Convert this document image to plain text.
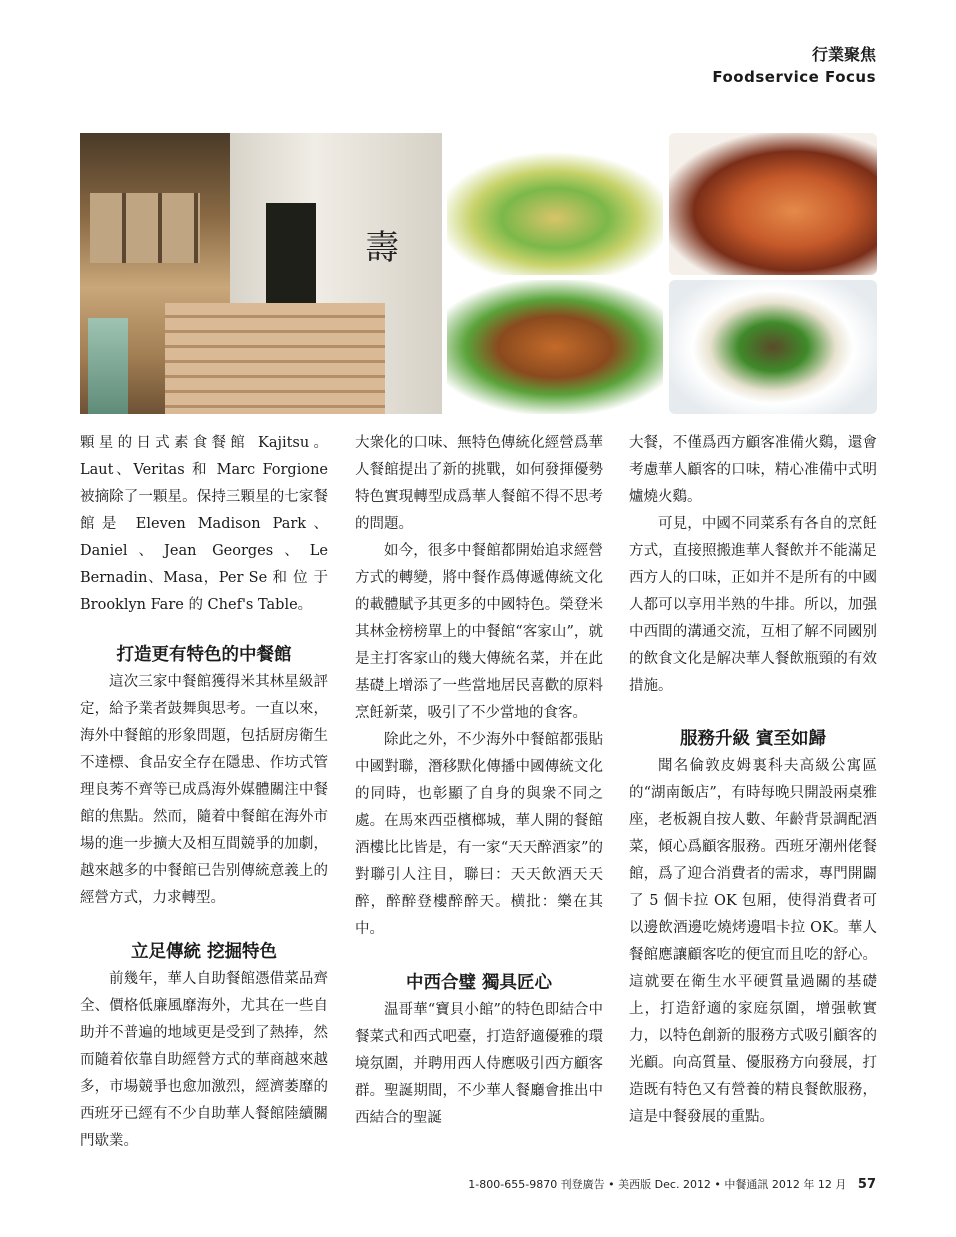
行業聚焦
Foodservice Focus
壽

顆星的日式素食餐館 Kajitsu。Laut、Veritas 和 Marc Forgione 被摘除了一顆星。保持三顆星的七家餐館是 Eleven Madison Park、Daniel、Jean Georges、Le Bernadin、Masa，Per Se 和 位 于 Brooklyn Fare 的 Chef's Table。

打造更有特色的中餐館

這次三家中餐館獲得米其林星級評定，給予業者鼓舞與思考。一直以來，海外中餐館的形象問題，包括厨房衛生不達標、食品安全存在隱患、作坊式管理良莠不齊等已成爲海外媒體關注中餐館的焦點。然而，隨着中餐館在海外市場的進一步擴大及相互間競爭的加劇，越來越多的中餐館已告别傳統意義上的經營方式，力求轉型。

立足傳統 挖掘特色

前幾年，華人自助餐館憑借菜品齊全、價格低廉風靡海外，尤其在一些自助并不普遍的地域更是受到了熱捧，然而隨着依靠自助經營方式的華商越來越多，市場競爭也愈加激烈，經濟萎靡的西班牙已經有不少自助華人餐館陸續關門歇業。

大衆化的口味、無特色傳統化經營爲華人餐館提出了新的挑戰，如何發揮優勢特色實現轉型成爲華人餐館不得不思考的問題。

如今，很多中餐館都開始追求經營方式的轉變，將中餐作爲傳遞傳統文化的載體賦予其更多的中國特色。榮登米其林金榜榜單上的中餐館“客家山”，就是主打客家山的幾大傳統名菜，并在此基礎上增添了一些當地居民喜歡的原料烹飪新菜，吸引了不少當地的食客。

除此之外，不少海外中餐館都張貼中國對聯，潛移默化傳播中國傳統文化的同時，也彰顯了自身的與衆不同之處。在馬來西亞檳榔城，華人開的餐館酒樓比比皆是，有一家“天天醉酒家”的對聯引人注目，聯曰：天天飲酒天天醉，醉醉登樓醉醉天。横批：樂在其中。

中西合璧 獨具匠心

温哥華“寶貝小館”的特色即結合中餐菜式和西式吧臺，打造舒適優雅的環境氛圍，并聘用西人侍應吸引西方顧客群。聖誕期間，不少華人餐廳會推出中西結合的聖誕

大餐，不僅爲西方顧客准備火鷄，還會考慮華人顧客的口味，精心准備中式明爐燒火鷄。

可見，中國不同菜系有各自的烹飪方式，直接照搬進華人餐飲并不能滿足西方人的口味，正如并不是所有的中國人都可以享用半熟的牛排。所以，加强中西間的溝通交流，互相了解不同國别的飲食文化是解决華人餐飲瓶頸的有效措施。

服務升級 賓至如歸

聞名倫敦皮姆裏科夫高級公寓區的“湖南飯店”，有時每晚只開設兩桌雅座，老板親自按人數、年齡背景調配酒菜，傾心爲顧客服務。西班牙潮州佬餐館，爲了迎合消費者的需求，專門開闢了 5 個卡拉 OK 包厢，使得消費者可以邊飲酒邊吃燒烤邊唱卡拉 OK。華人餐館應讓顧客吃的便宜而且吃的舒心。這就要在衛生水平硬質量過關的基礎上，打造舒適的家庭氛圍，增强軟實力，以特色創新的服務方式吸引顧客的光顧。向高質量、優服務方向發展，打造既有特色又有營養的精良餐飲服務，這是中餐發展的重點。

1-800-655-9870 刊登廣告 • 美西版 Dec. 2012 • 中餐通訊 2012 年 12 月 57
